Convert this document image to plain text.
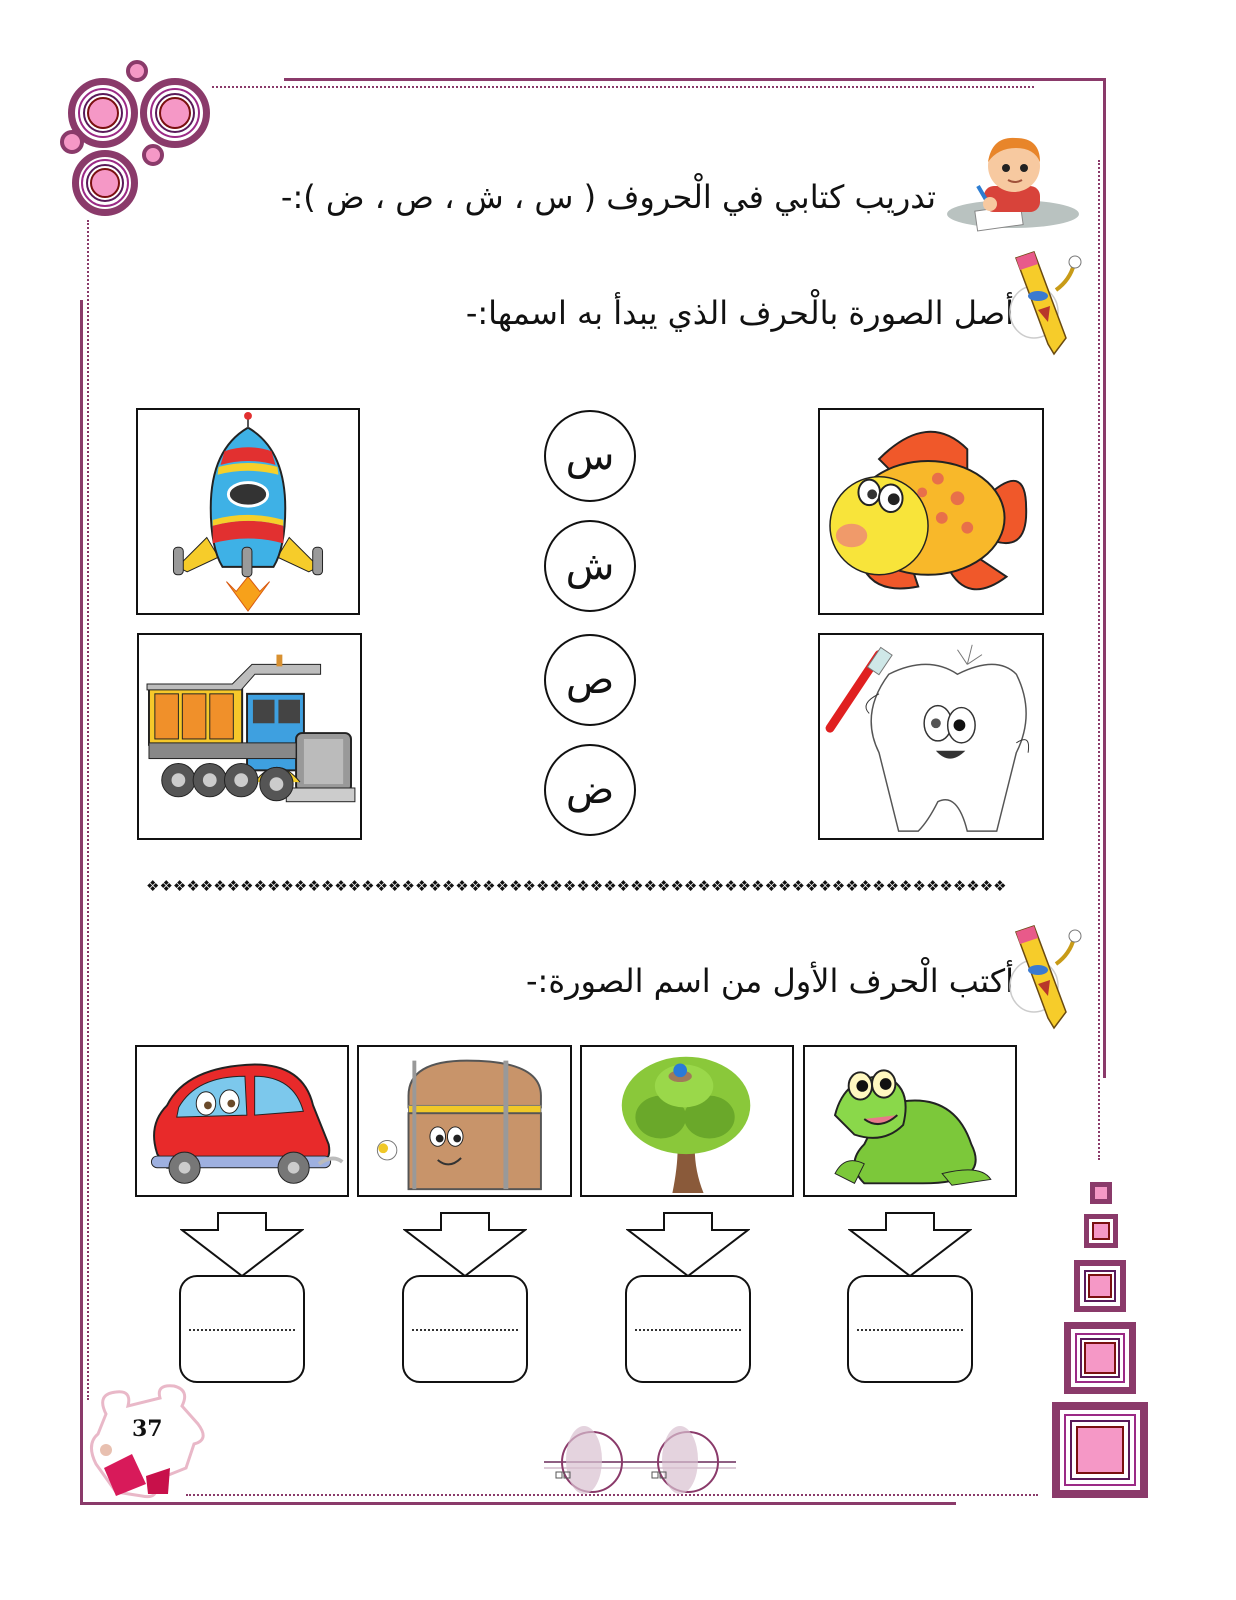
تدريب كتابي في الْحروف ( س ، ش ، ص ، ض ):-
أصل الصورة بالْحرف الذي يبدأ به اسمها:-
س
ش
ص
ض
❖❖❖❖❖❖❖❖❖❖❖❖❖❖❖❖❖❖❖❖❖❖❖❖❖❖❖❖❖❖❖❖❖❖❖❖❖❖❖❖❖❖❖❖❖❖❖❖❖❖❖❖❖❖❖❖❖❖❖❖❖❖❖❖
أكتب الْحرف الأول من اسم الصورة:-
37
